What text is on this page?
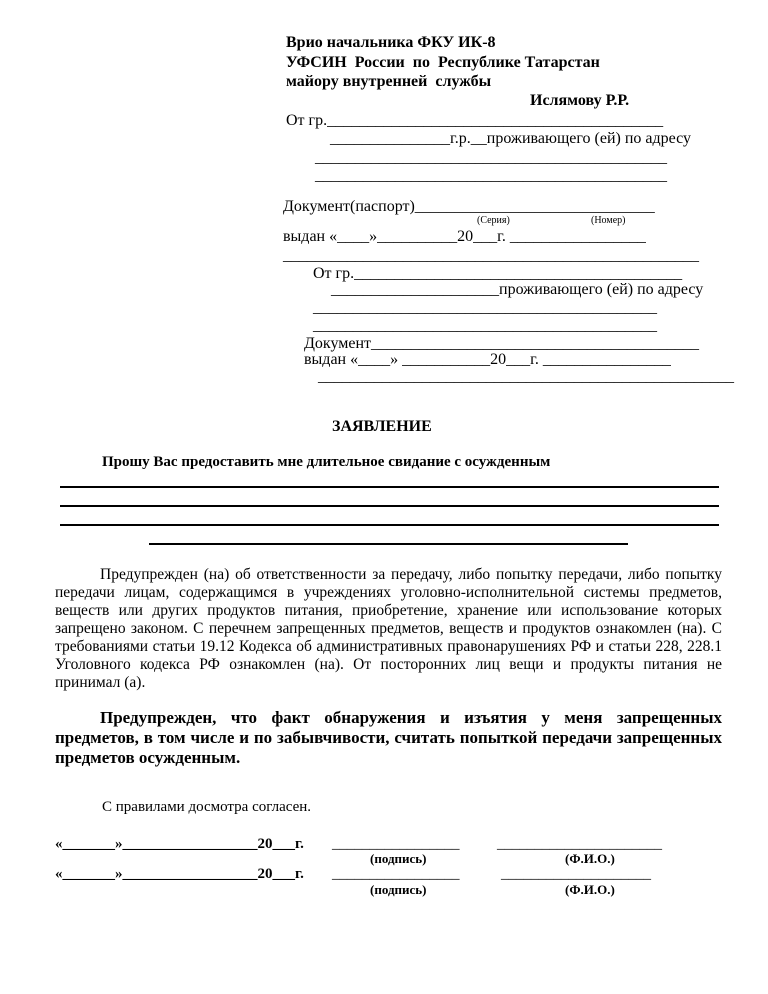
Врио начальника ФКУ ИК-8
УФСИН  России  по  Республике Татарстан
майору внутренней  службы
Ислямову Р.Р.
От гр.__________________________________________
_______________г.р.__проживающего (ей) по адресу
____________________________________________
____________________________________________
Документ(паспорт)______________________________
(Серия)	(Номер)
выдан «____»__________20___г. _________________
____________________________________________________
От гр._________________________________________
_____________________проживающего (ей) по адресу
___________________________________________
___________________________________________
Документ_________________________________________
выдан «____» ___________20___г. ________________
____________________________________________________
ЗАЯВЛЕНИЕ
Прошу Вас предоставить мне длительное свидание с осужденным
Предупрежден (на) об ответственности за передачу, либо попытку передачи, либо попытку передачи лицам, содержащимся в учреждениях уголовно-исполнительной системы предметов, веществ или других продуктов питания, приобретение, хранение или использование которых запрещено законом. С перечнем запрещенных предметов, веществ и продуктов ознакомлен (на). С требованиями статьи 19.12 Кодекса об административных правонарушениях РФ и статьи 228, 228.1 Уголовного кодекса РФ ознакомлен (на). От посторонних лиц вещи и продукты питания не принимал (а).
Предупрежден, что факт обнаружения и изъятия у меня запрещенных предметов, в том числе и по забывчивости, считать попыткой передачи запрещенных предметов осужденным.
С правилами досмотра согласен.
«_______»__________________20___г. _________________	______________________
(подпись)	(Ф.И.О.)
«_______»__________________20___г. _________________	____________________
(подпись)	(Ф.И.О.)
